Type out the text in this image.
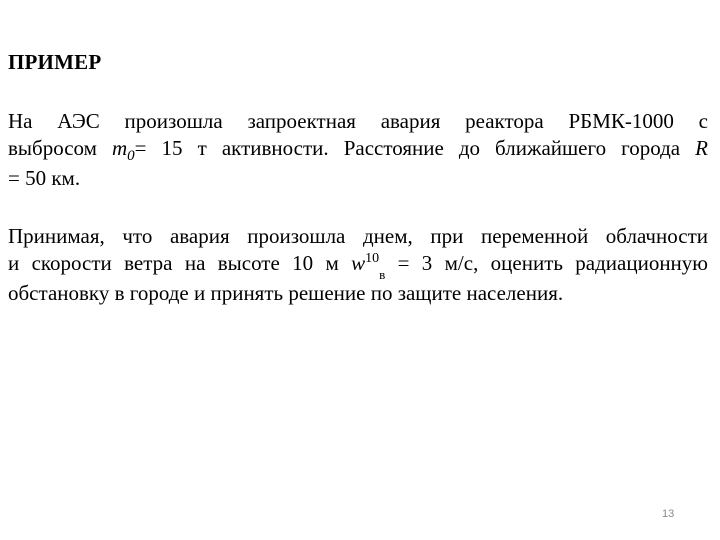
ПРИМЕР
На АЭС произошла запроектная авария реактора РБМК-1000 с
выбросом $m_0= 15$ т активности. Расстояние до ближайшего города R
= 50 км.
Принимая, что авария произошла днем, при переменной облачности
и скорости ветра на высоте 10 м $w^{10}_в = 3$ м/с, оценить радиационную
обстановку в городе и принять решение по защите населения.
13
